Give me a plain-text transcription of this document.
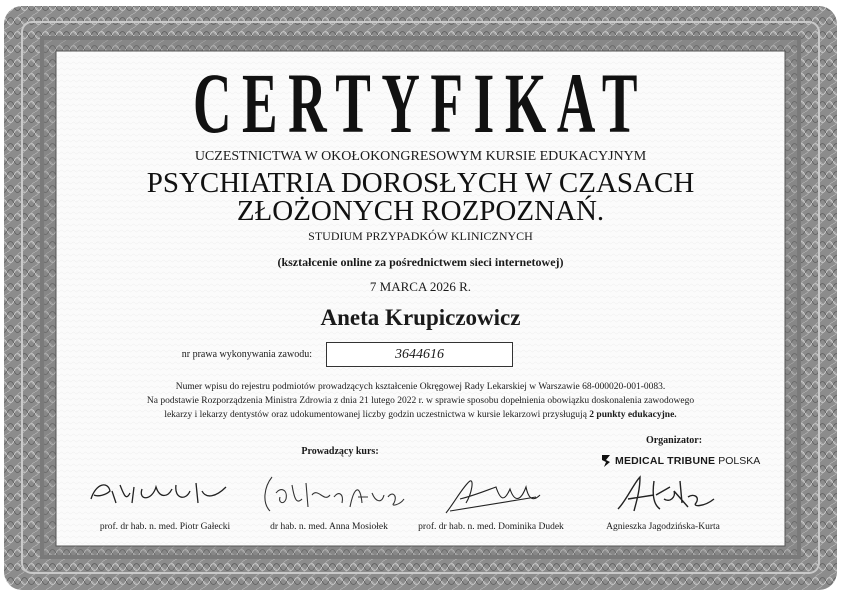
CERTYFIKAT
UCZESTNICTWA W OKOŁOKONGRESOWYM KURSIE EDUKACYJNYM
PSYCHIATRIA DOROSŁYCH W CZASACH
ZŁOŻONYCH ROZPOZNAŃ.
STUDIUM PRZYPADKÓW KLINICZNYCH
(kształcenie online za pośrednictwem sieci internetowej)
7 MARCA 2026 R.
Aneta Krupiczowicz
nr prawa wykonywania zawodu:	3644616
Numer wpisu do rejestru podmiotów prowadzących kształcenie Okręgowej Rady Lekarskiej w Warszawie 68-000020-001-0083.
Na podstawie Rozporządzenia Ministra Zdrowia z dnia 21 lutego 2022 r. w sprawie sposobu dopełnienia obowiązku doskonalenia zawodowego
lekarzy i lekarzy dentystów oraz udokumentowanej liczby godzin uczestnictwa w kursie lekarzowi przysługują 2 punkty edukacyjne.
Organizator:
MEDICAL TRIBUNE POLSKA
Prowadzący kurs:
prof. dr hab. n. med. Piotr Gałecki	dr hab. n. med. Anna Mosiołek	prof. dr hab. n. med. Dominika Dudek	Agnieszka Jagodzińska-Kurta
